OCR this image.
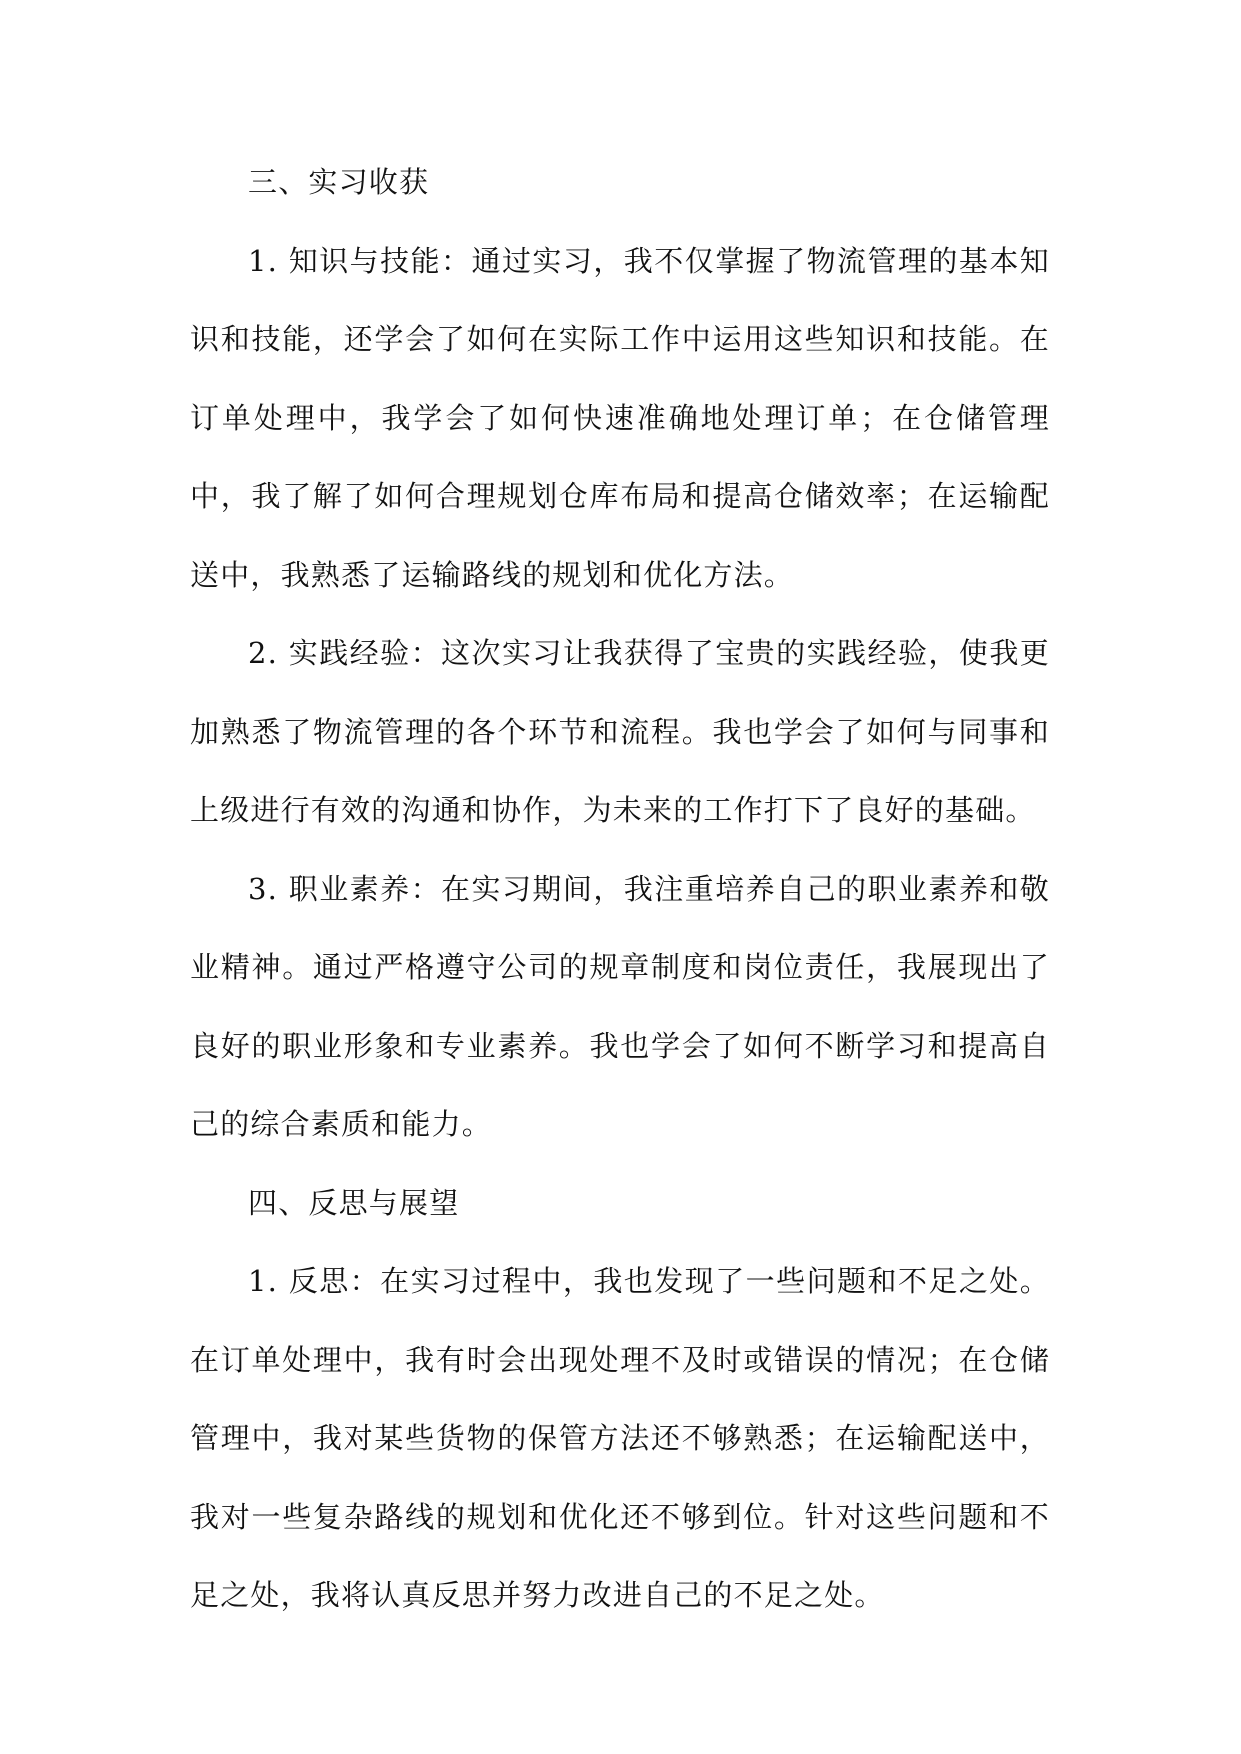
三、实习收获

1. 知识与技能：通过实习，我不仅掌握了物流管理的基本知识和技能，还学会了如何在实际工作中运用这些知识和技能。在订单处理中，我学会了如何快速准确地处理订单；在仓储管理中，我了解了如何合理规划仓库布局和提高仓储效率；在运输配送中，我熟悉了运输路线的规划和优化方法。

2. 实践经验：这次实习让我获得了宝贵的实践经验，使我更加熟悉了物流管理的各个环节和流程。我也学会了如何与同事和上级进行有效的沟通和协作，为未来的工作打下了良好的基础。

3. 职业素养：在实习期间，我注重培养自己的职业素养和敬业精神。通过严格遵守公司的规章制度和岗位责任，我展现出了良好的职业形象和专业素养。我也学会了如何不断学习和提高自己的综合素质和能力。

四、反思与展望

1. 反思：在实习过程中，我也发现了一些问题和不足之处。在订单处理中，我有时会出现处理不及时或错误的情况；在仓储管理中，我对某些货物的保管方法还不够熟悉；在运输配送中，我对一些复杂路线的规划和优化还不够到位。针对这些问题和不足之处，我将认真反思并努力改进自己的不足之处。
